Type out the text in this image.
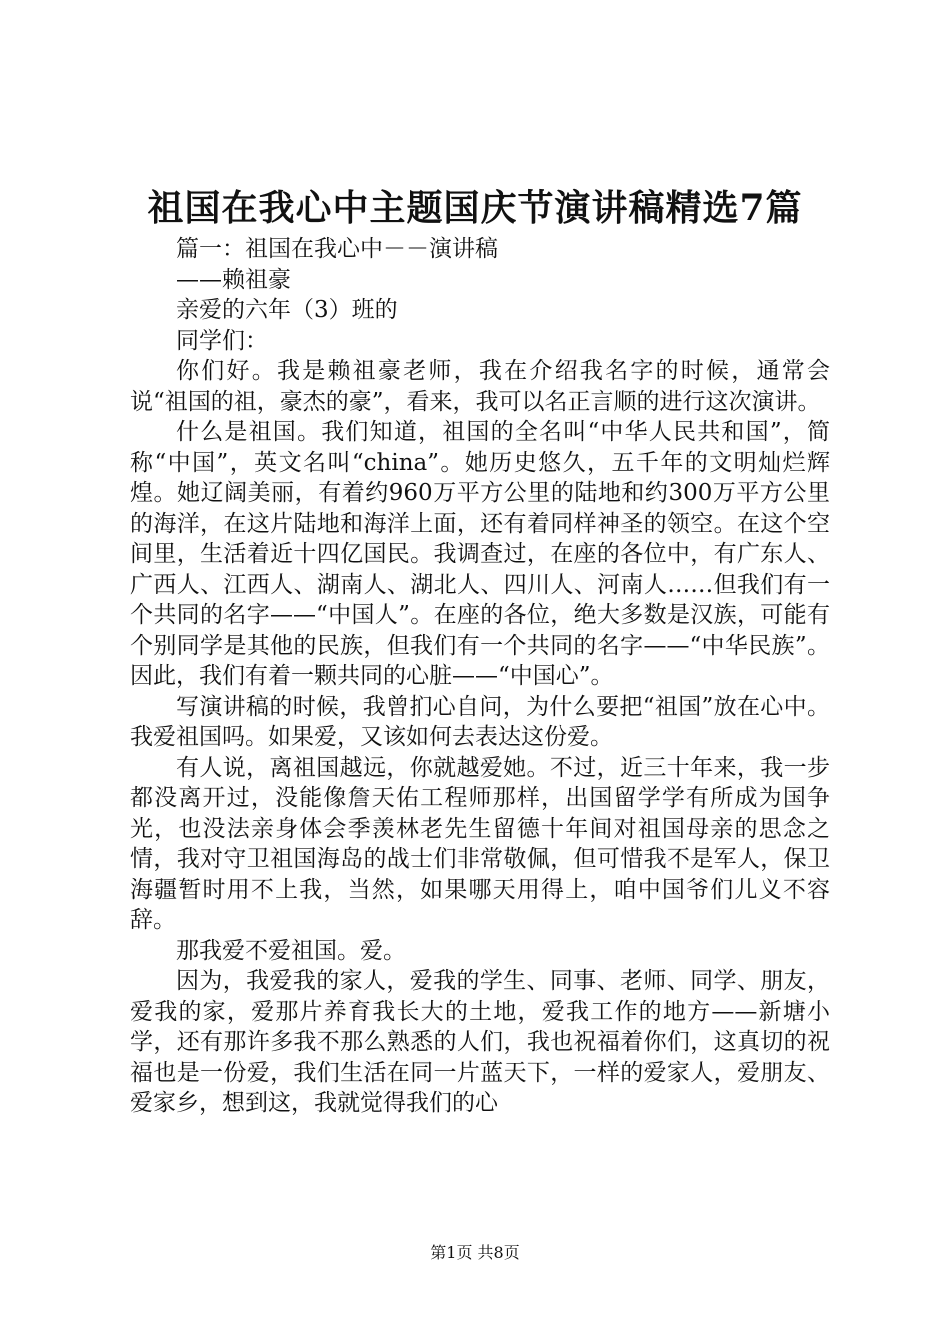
祖国在我心中主题国庆节演讲稿精选7篇

篇一：祖国在我心中－－演讲稿

——赖祖豪

亲爱的六年（3）班的

同学们：

你们好。我是赖祖豪老师，我在介绍我名字的时候，通常会说“祖国的祖，豪杰的豪”，看来，我可以名正言顺的进行这次演讲。

什么是祖国。我们知道，祖国的全名叫“中华人民共和国”，简称“中国”，英文名叫“china”。她历史悠久，五千年的文明灿烂辉煌。她辽阔美丽，有着约960万平方公里的陆地和约300万平方公里的海洋，在这片陆地和海洋上面，还有着同样神圣的领空。在这个空间里，生活着近十四亿国民。我调查过，在座的各位中，有广东人、广西人、江西人、湖南人、湖北人、四川人、河南人……但我们有一个共同的名字——“中国人”。在座的各位，绝大多数是汉族，可能有个别同学是其他的民族，但我们有一个共同的名字——“中华民族”。因此，我们有着一颗共同的心脏——“中国心”。

写演讲稿的时候，我曾扪心自问，为什么要把“祖国”放在心中。我爱祖国吗。如果爱，又该如何去表达这份爱。

有人说，离祖国越远，你就越爱她。不过，近三十年来，我一步都没离开过，没能像詹天佑工程师那样，出国留学学有所成为国争光，也没法亲身体会季羡林老先生留德十年间对祖国母亲的思念之情，我对守卫祖国海岛的战士们非常敬佩，但可惜我不是军人，保卫海疆暂时用不上我，当然，如果哪天用得上，咱中国爷们儿义不容辞。

那我爱不爱祖国。爱。

因为，我爱我的家人，爱我的学生、同事、老师、同学、朋友，爱我的家，爱那片养育我长大的土地，爱我工作的地方——新塘小学，还有那许多我不那么熟悉的人们，我也祝福着你们，这真切的祝福也是一份爱，我们生活在同一片蓝天下，一样的爱家人，爱朋友、爱家乡，想到这，我就觉得我们的心

第1页 共8页
